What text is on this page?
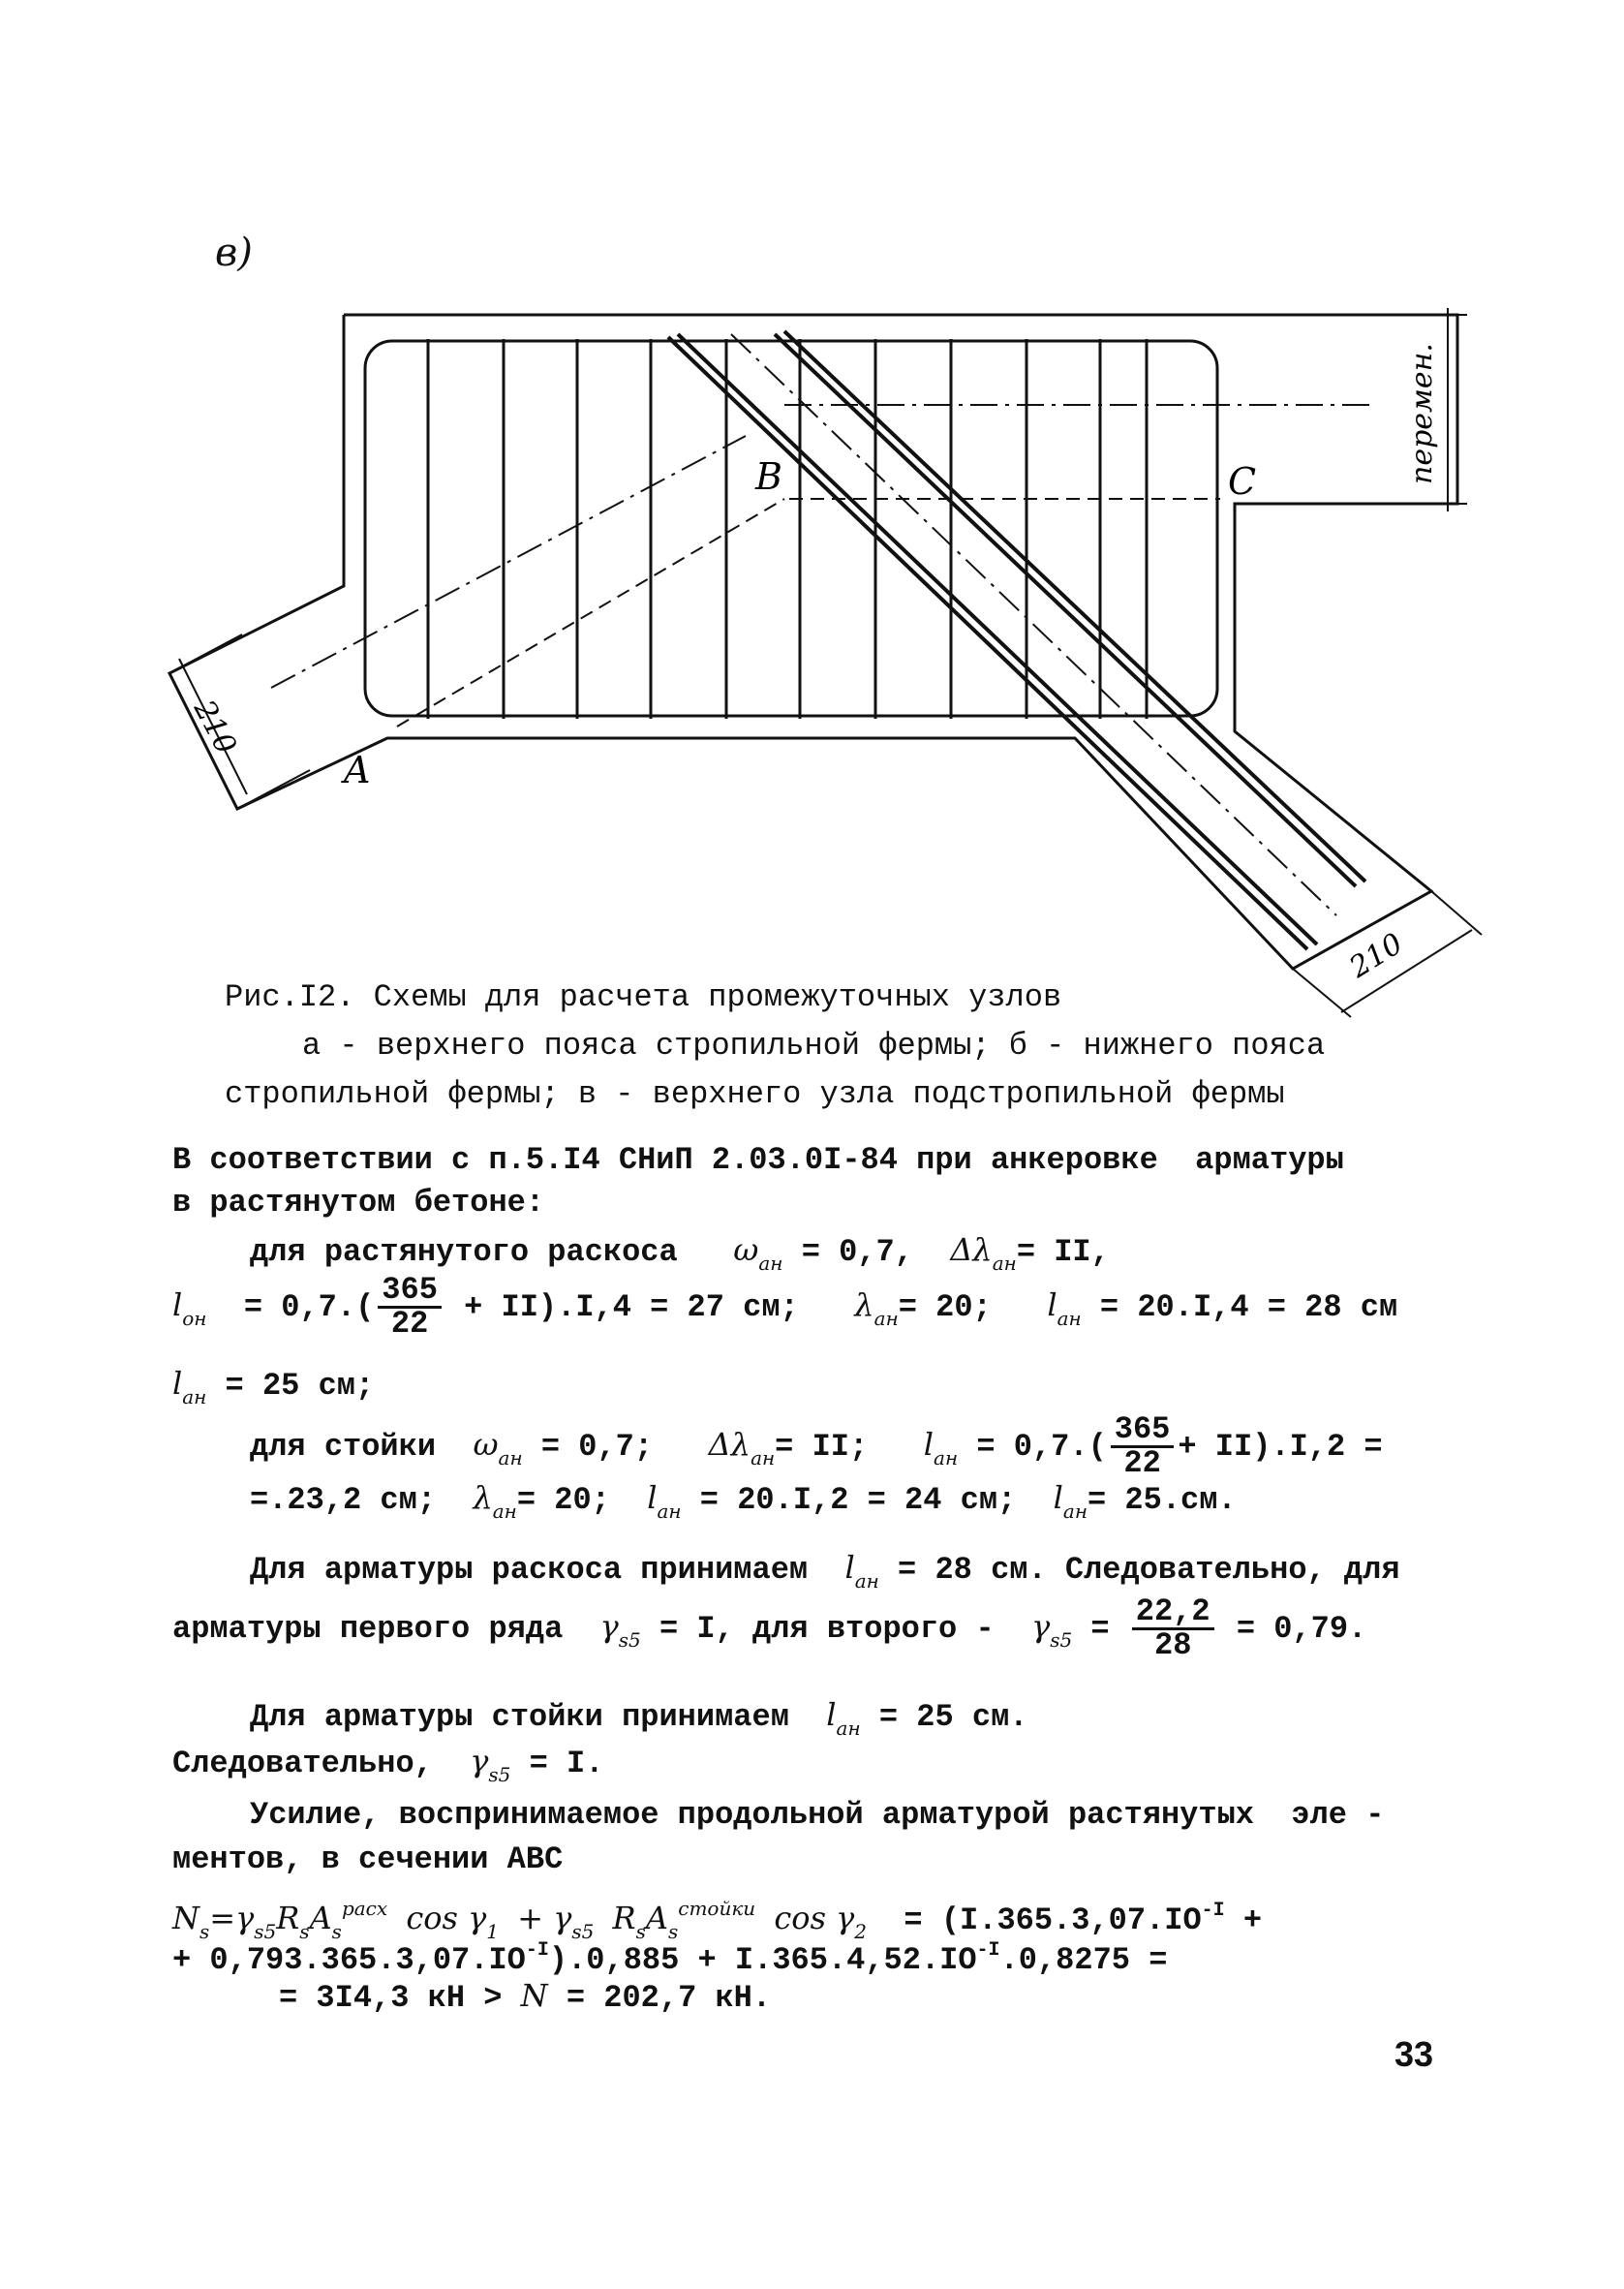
в)
B	C
A
210
210
перемен.
Рис.I2. Схемы для расчета промежуточных узлов
а - верхнего пояса стропильной фермы; б - нижнего пояса
стропильной фермы; в - верхнего узла подстропильной фермы
В соответствии с п.5.I4 СНиП 2.03.0I-84 при анкеровке  арматуры
в растянутом бетоне:
для растянутого раскоса $\omega_{ан} = 0,7$, $\Delta\lambda_{ан}=$ II,
$l_{он} = 0,7.( \frac{365}{22} + II).I,4 = 27$ см; $\lambda_{ан}= 20$; $l_{ан} = 20.I,4 = 28$ см
$l_{ан} = 25$ см;
для стойки $\omega_{ан} = 0,7$; $\Delta\lambda_{ан}=$ II; $l_{ан} = 0,7.( \frac{365}{22} + II).I,2$ =
=.23,2 см; $\lambda_{ан}= 20$; $l_{ан} = 20.I,2 = 24$ см; $l_{ан}= 25.см$.
Для арматуры раскоса принимаем $l_{ан} = 28$ см. Следовательно, для
арматуры первого ряда $\gamma_{s5} = I$, для второго - $\gamma_{s5} = \frac{22,2}{28} = 0,79$.
Для арматуры стойки принимаем $l_{ан} = 25$ см.
Следовательно, $\gamma_{s5} = I$.
Усилие, воспринимаемое продольной арматурой растянутых  эле -
ментов, в сечении АВС
$N_s=\gamma_{s5}R_sA_s^{расх}$ $\cos \gamma_1 + \gamma_{s5}$ $R_sA_s^{стойки}$ $\cos \gamma_2 = (I.365.3,07.IO^{-I}$ +
+ $0,793.365.3,07.IO^{-I}).0,885 + I.365.4,52.IO^{-I}.0,8275$ =
= 3I4,3 кН > N = 202,7 кН.
33
